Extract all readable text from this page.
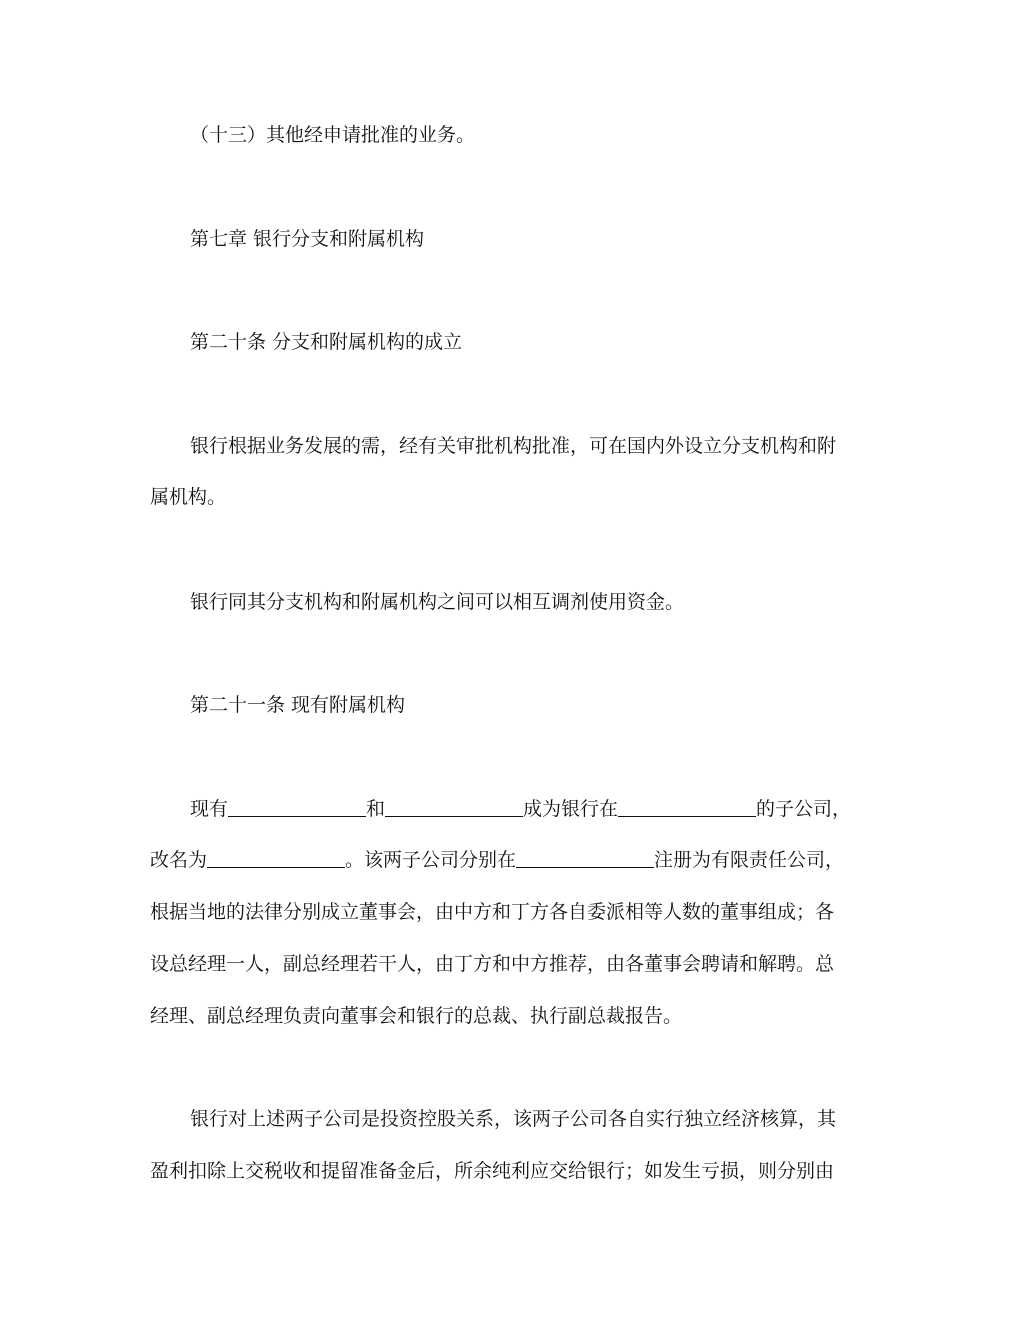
（十三）其他经申请批准的业务。
第七章 银行分支和附属机构
第二十条 分支和附属机构的成立
银行根据业务发展的需，经有关审批机构批准，可在国内外设立分支机构和附
属机构。
银行同其分支机构和附属机构之间可以相互调剂使用资金。
第二十一条 现有附属机构
现有	和	成为银行在	的子公司，
改名为	。该两子公司分别在	注册为有限责任公司，
根据当地的法律分别成立董事会，由中方和丁方各自委派相等人数的董事组成；各
设总经理一人，副总经理若干人，由丁方和中方推荐，由各董事会聘请和解聘。总
经理、副总经理负责向董事会和银行的总裁、执行副总裁报告。
银行对上述两子公司是投资控股关系，该两子公司各自实行独立经济核算，其
盈利扣除上交税收和提留准备金后，所余纯利应交给银行；如发生亏损，则分别由
